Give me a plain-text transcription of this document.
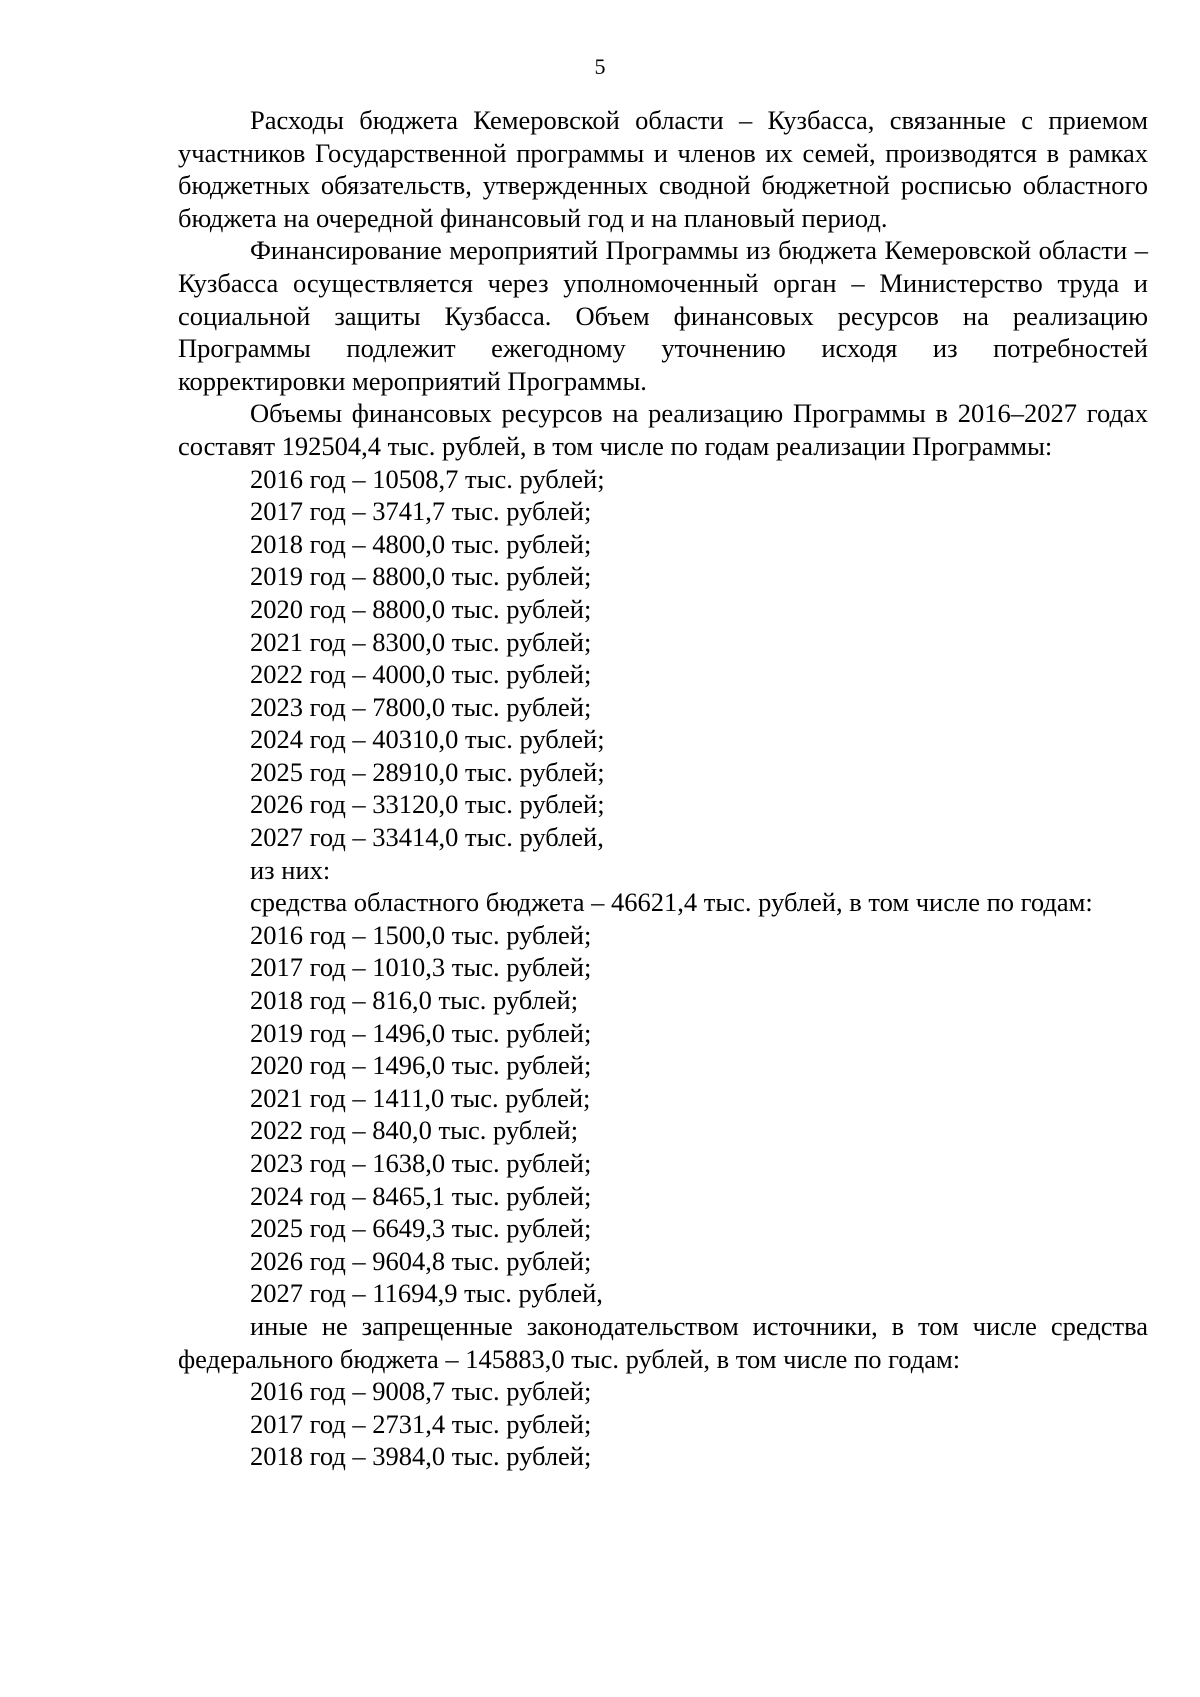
5

Расходы бюджета Кемеровской области – Кузбасса, связанные с приемом участников Государственной программы и членов их семей, производятся в рамках бюджетных обязательств, утвержденных сводной бюджетной росписью областного бюджета на очередной финансовый год и на плановый период.

Финансирование мероприятий Программы из бюджета Кемеровской области – Кузбасса осуществляется через уполномоченный орган – Министерство труда и социальной защиты Кузбасса. Объем финансовых ресурсов на реализацию Программы подлежит ежегодному уточнению исходя из потребностей корректировки мероприятий Программы.

Объемы финансовых ресурсов на реализацию Программы в 2016–2027 годах составят 192504,4 тыс. рублей, в том числе по годам реализации Программы:

2016 год – 10508,7 тыс. рублей;

2017 год – 3741,7 тыс. рублей;

2018 год – 4800,0 тыс. рублей;

2019 год – 8800,0 тыс. рублей;

2020 год – 8800,0 тыс. рублей;

2021 год – 8300,0 тыс. рублей;

2022 год – 4000,0 тыс. рублей;

2023 год – 7800,0 тыс. рублей;

2024 год – 40310,0 тыс. рублей;

2025 год – 28910,0 тыс. рублей;

2026 год – 33120,0 тыс. рублей;

2027 год – 33414,0 тыс. рублей,

из них:

средства областного бюджета – 46621,4 тыс. рублей, в том числе по годам:

2016 год – 1500,0 тыс. рублей;

2017 год – 1010,3 тыс. рублей;

2018 год – 816,0 тыс. рублей;

2019 год – 1496,0 тыс. рублей;

2020 год – 1496,0 тыс. рублей;

2021 год – 1411,0 тыс. рублей;

2022 год – 840,0 тыс. рублей;

2023 год – 1638,0 тыс. рублей;

2024 год – 8465,1 тыс. рублей;

2025 год – 6649,3 тыс. рублей;

2026 год – 9604,8 тыс. рублей;

2027 год – 11694,9 тыс. рублей,

иные не запрещенные законодательством источники, в том числе средства федерального бюджета – 145883,0 тыс. рублей, в том числе по годам:

2016 год – 9008,7 тыс. рублей;

2017 год – 2731,4 тыс. рублей;

2018 год – 3984,0 тыс. рублей;
